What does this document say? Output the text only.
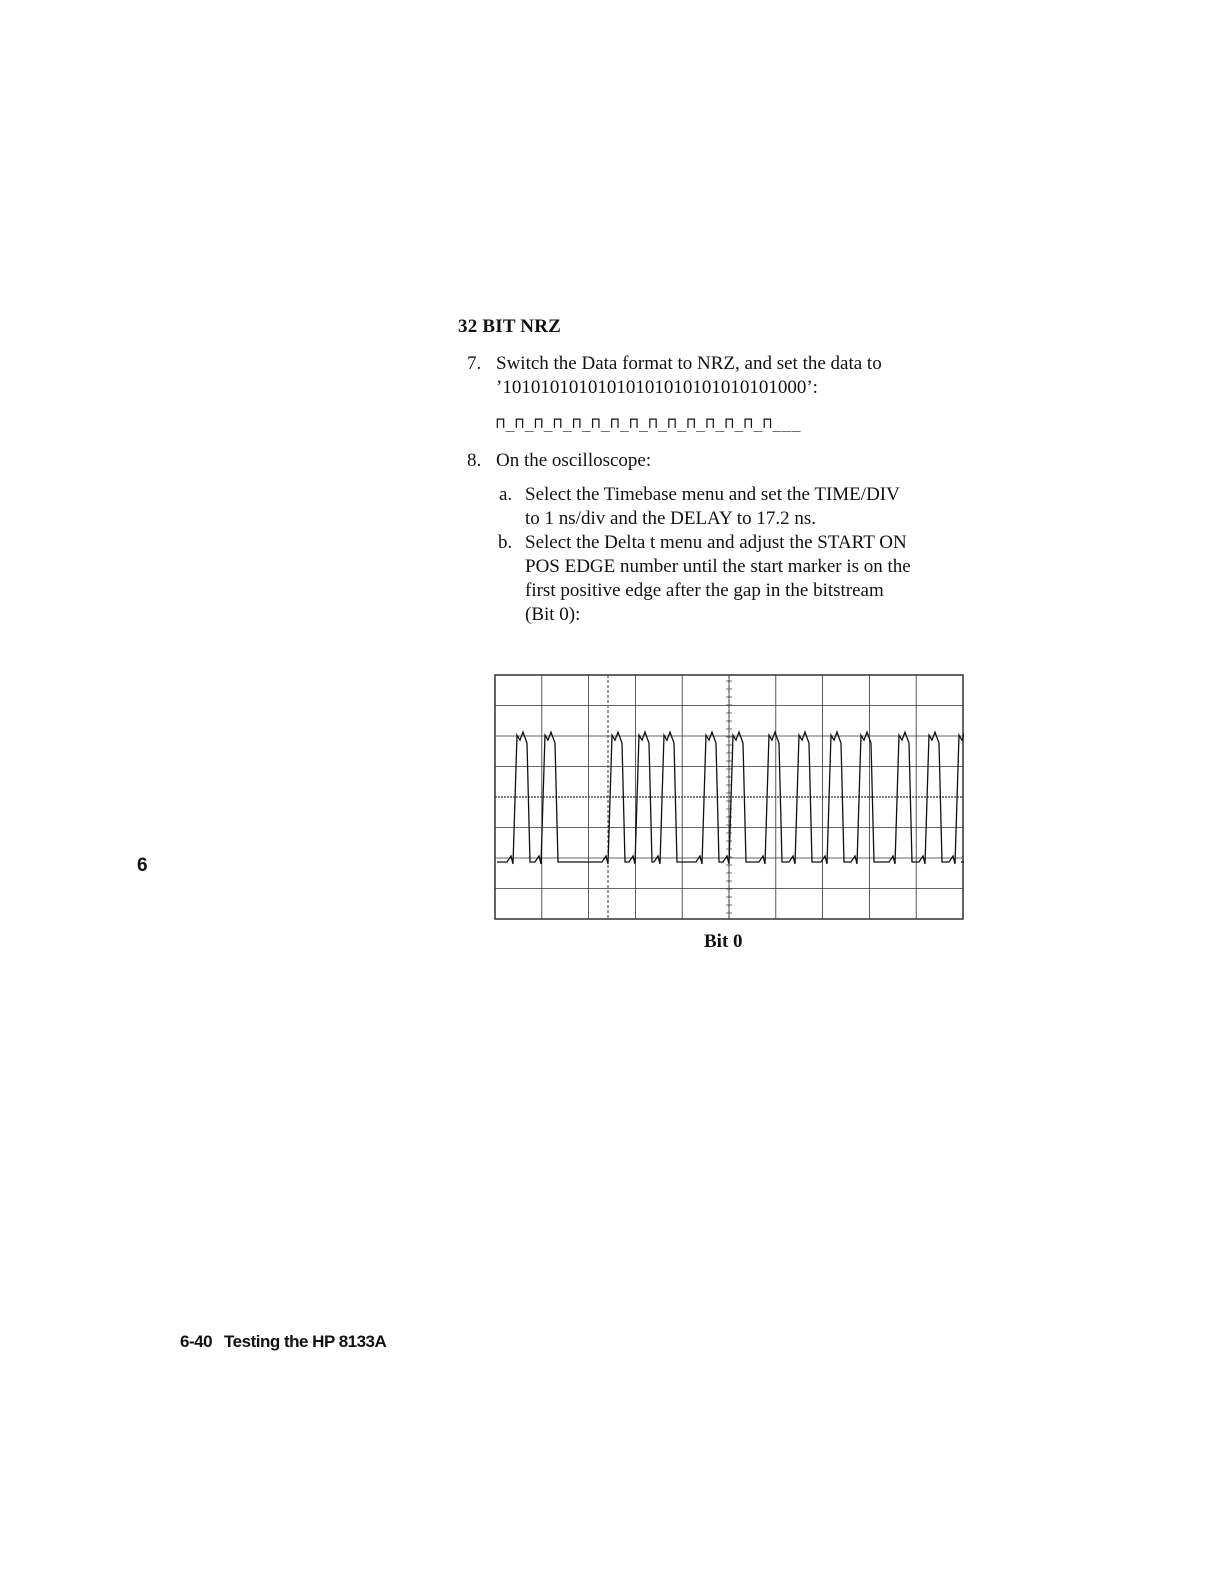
32 BIT NRZ
7. Switch the Data format to NRZ, and set the data to
’10101010101010101010101010101000’:
⊓_⊓_⊓_⊓_⊓_⊓_⊓_⊓_⊓_⊓_⊓_⊓_⊓_⊓_⊓___
8. On the oscilloscope:
a. Select the Timebase menu and set the TIME/DIV
to 1 ns/div and the DELAY to 17.2 ns.
b. Select the Delta t menu and adjust the START ON
POS EDGE number until the start marker is on the
first positive edge after the gap in the bitstream
(Bit 0):
Bit 0
6
6-40 Testing the HP 8133A
